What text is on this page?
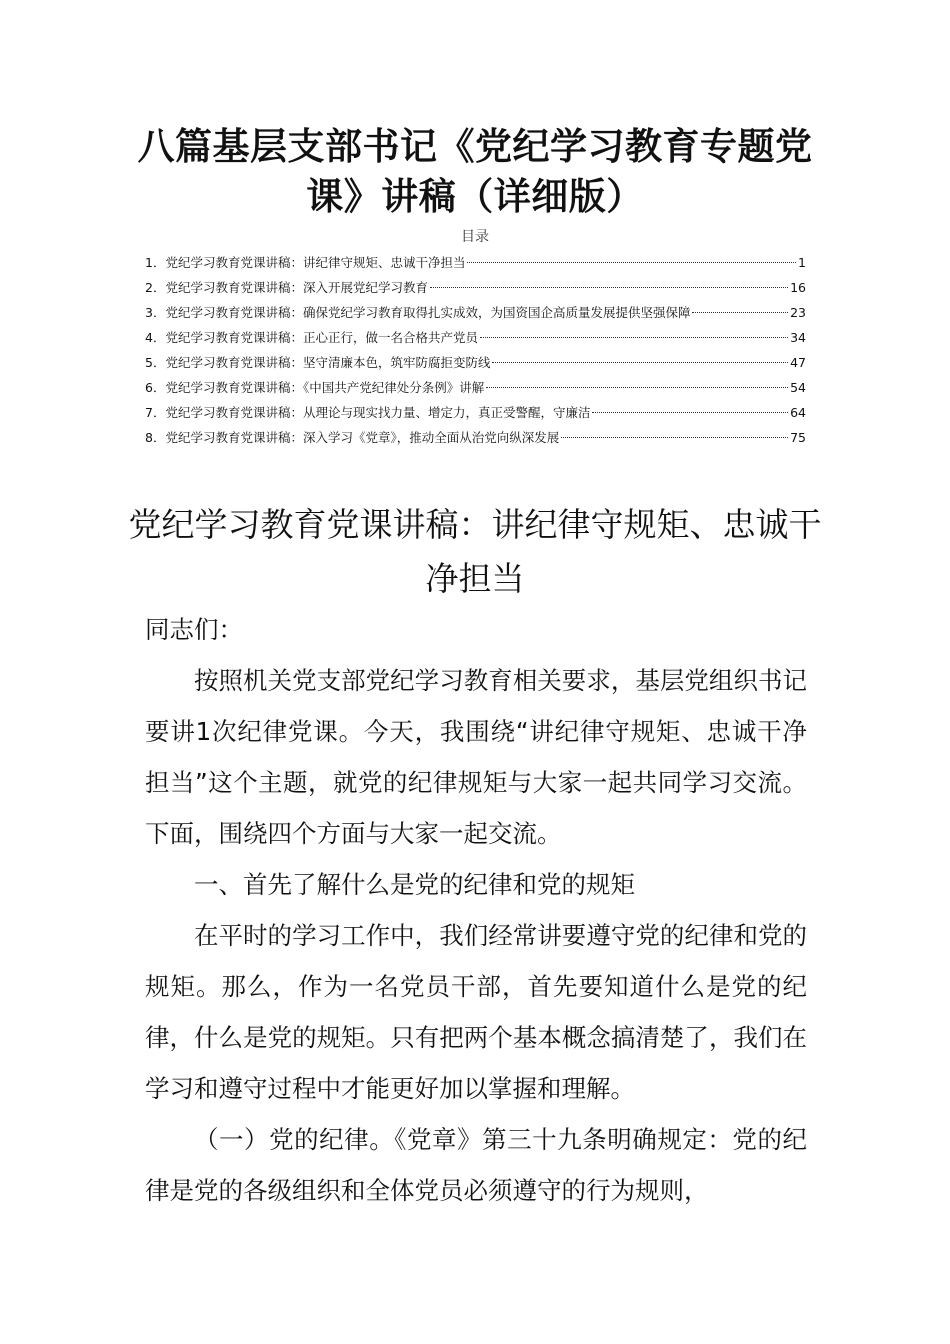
八篇基层支部书记《党纪学习教育专题党课》讲稿（详细版）
目录
1．党纪学习教育党课讲稿：讲纪律守规矩、忠诚干净担当	1
2．党纪学习教育党课讲稿：深入开展党纪学习教育	16
3．党纪学习教育党课讲稿：确保党纪学习教育取得扎实成效，为国资国企高质量发展提供坚强保障	23
4．党纪学习教育党课讲稿：正心正行，做一名合格共产党员	34
5．党纪学习教育党课讲稿：坚守清廉本色，筑牢防腐拒变防线	47
6．党纪学习教育党课讲稿：《中国共产党纪律处分条例》讲解	54
7．党纪学习教育党课讲稿：从理论与现实找力量、增定力，真正受警醒，守廉洁	64
8．党纪学习教育党课讲稿：深入学习《党章》，推动全面从治党向纵深发展	75
党纪学习教育党课讲稿：讲纪律守规矩、忠诚干净担当

同志们：

按照机关党支部党纪学习教育相关要求，基层党组织书记要讲1次纪律党课。今天，我围绕“讲纪律守规矩、忠诚干净担当”这个主题，就党的纪律规矩与大家一起共同学习交流。下面，围绕四个方面与大家一起交流。

一、首先了解什么是党的纪律和党的规矩

在平时的学习工作中，我们经常讲要遵守党的纪律和党的规矩。那么，作为一名党员干部，首先要知道什么是党的纪律，什么是党的规矩。只有把两个基本概念搞清楚了，我们在学习和遵守过程中才能更好加以掌握和理解。

（一）党的纪律。《党章》第三十九条明确规定：党的纪律是党的各级组织和全体党员必须遵守的行为规则，
